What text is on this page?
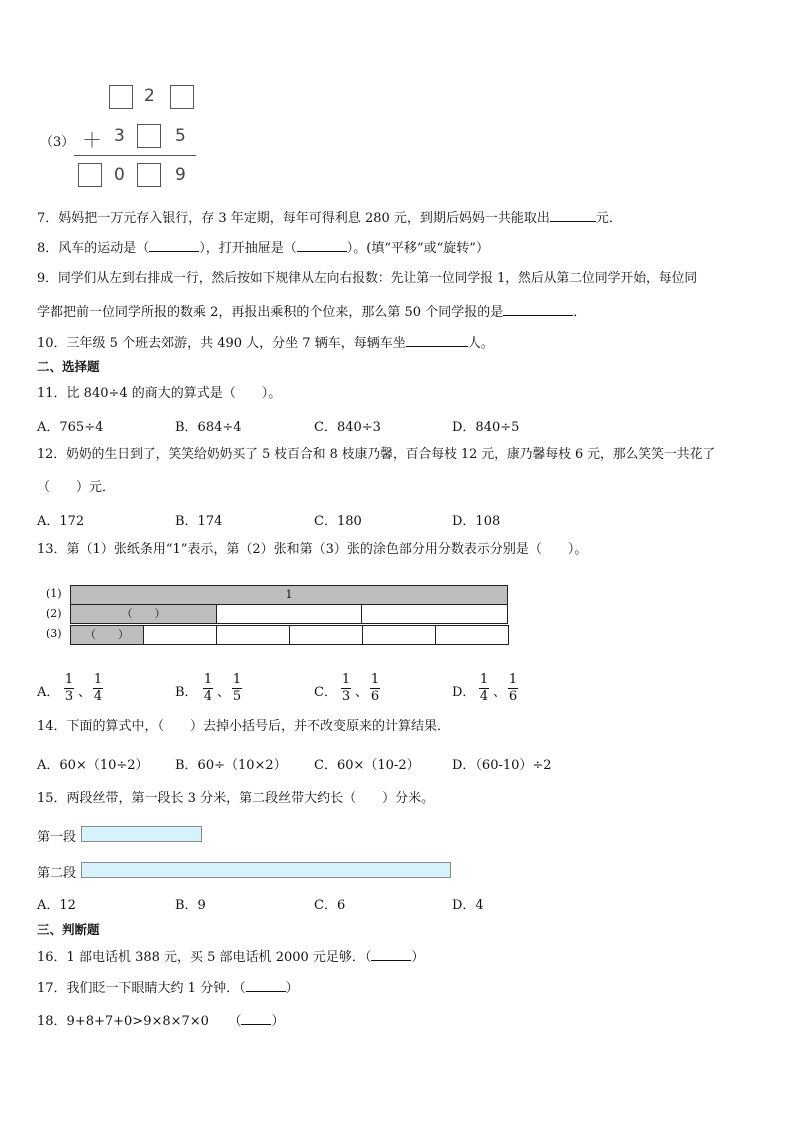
2
（3） ＋ 3	5
0	9
7．妈妈把一万元存入银行，存 3 年定期，每年可得利息 280 元，到期后妈妈一共能取出	元．
8．风车的运动是（	），打开抽屉是（	）。(填“平移”或“旋转”）
9．同学们从左到右排成一行，然后按如下规律从左向右报数：先让第一位同学报 1，然后从第二位同学开始，每位同
学都把前一位同学所报的数乘 2，再报出乘积的个位来，那么第 50 个同学报的是	．
10．三年级 5 个班去郊游，共 490 人，分坐 7 辆车，每辆车坐	人。
二、选择题
11．比 840÷4 的商大的算式是（　　）。
A．765÷4	B．684÷4	C．840÷3	D．840÷5
12．奶奶的生日到了，笑笑给奶奶买了 5 枝百合和 8 枝康乃馨，百合每枝 12 元，康乃馨每枝 6 元，那么笑笑一共花了
（　　）元．
A．172	B．174	C．180	D．108
13．第（1）张纸条用“1”表示，第（2）张和第（3）张的涂色部分用分数表示分别是（　　）。
(1)
(2)
(3)
1
（　　）
（　　）
A．
1
3 、
1
4	B．
1
4 、
1
5	C．
1
3 、
1
6	D．
1
4 、
1
6
14．下面的算式中，（　　）去掉小括号后，并不改变原来的计算结果．
A．60×（10÷2） B．60÷（10×2） C．60×（10-2） D．（60-10）÷2
15．两段丝带，第一段长 3 分米，第二段丝带大约长（　　）分米。
第一段
第二段
A．12	B．9	C．6	D．4
三、判断题
16．1 部电话机 388 元，买 5 部电话机 2000 元足够．（	）
17．我们眨一下眼睛大约 1 分钟．（	）
18．9+8+7+0>9×8×7×0　　（ ）
